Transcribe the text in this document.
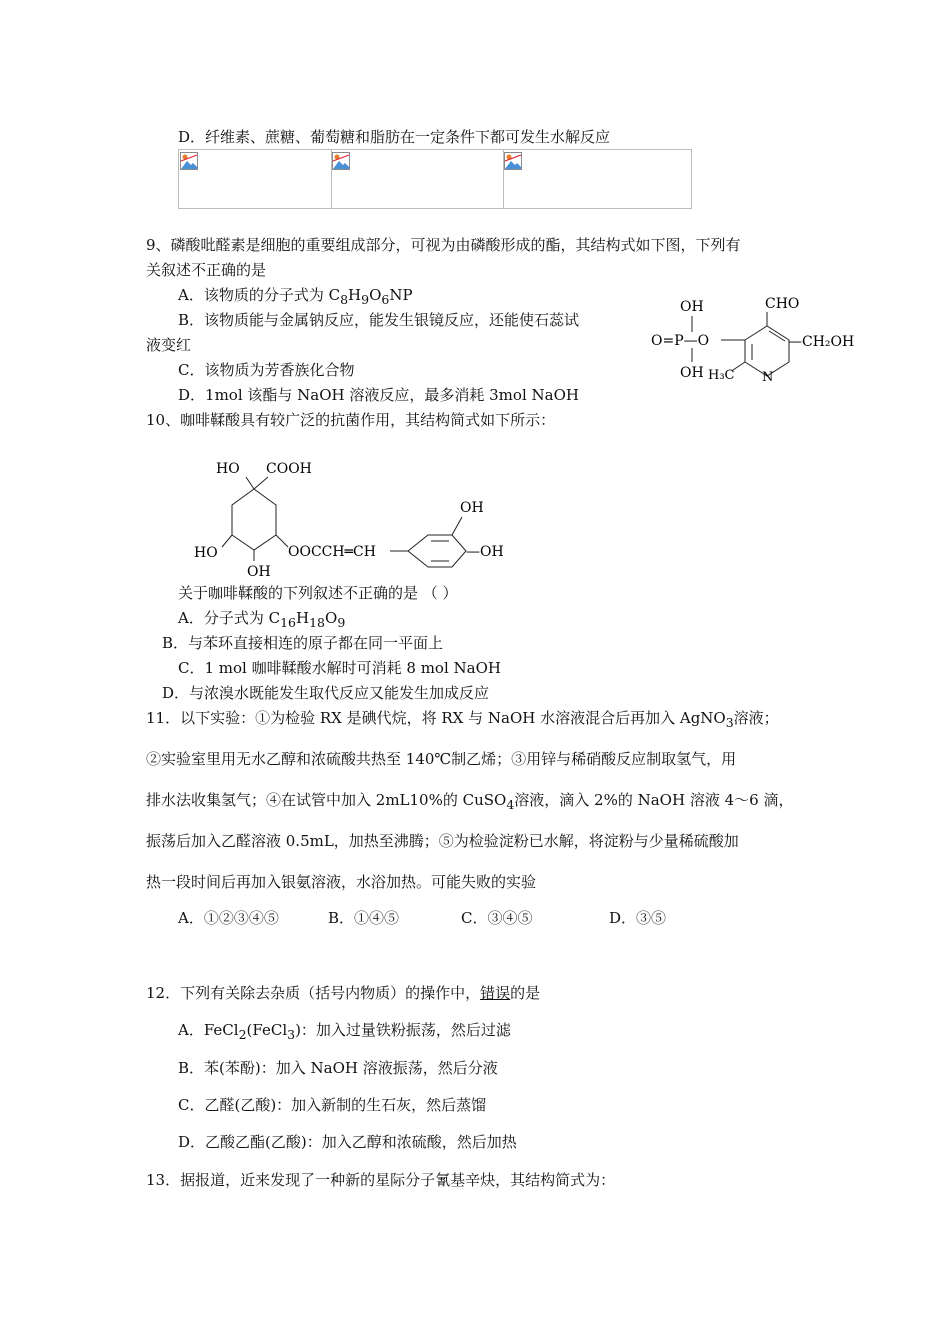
D．纤维素、蔗糖、葡萄糖和脂肪在一定条件下都可发生水解反应
9、磷酸吡醛素是细胞的重要组成部分，可视为由磷酸形成的酯，其结构式如下图，下列有
关叙述不正确的是
A．该物质的分子式为 $C_8H_9O_6NP$
B．该物质能与金属钠反应，能发生银镜反应，还能使石蕊试
液变红
C．该物质为芳香族化合物
D．1mol 该酯与 NaOH 溶液反应，最多消耗 3mol NaOH
OH
O=P—O
OH
CHO
—CH₂OH
H₃C N
10、咖啡鞣酸具有较广泛的抗菌作用，其结构简式如下所示：
HO COOH
HO
OH
OOCCH═CH
OH
—OH
关于咖啡鞣酸的下列叙述不正确的是 （ ）
A．分子式为 $C_{16}H_{18}O_9$
B．与苯环直接相连的原子都在同一平面上
C．1 mol 咖啡鞣酸水解时可消耗 8 mol NaOH
D．与浓溴水既能发生取代反应又能发生加成反应
11．以下实验：①为检验 RX 是碘代烷，将 RX 与 NaOH 水溶液混合后再加入 AgNO$_3$溶液；
②实验室里用无水乙醇和浓硫酸共热至 140℃制乙烯；③用锌与稀硝酸反应制取氢气，用
排水法收集氢气；④在试管中加入 2mL10%的 CuSO$_4$溶液，滴入 2%的 NaOH 溶液 4～6 滴，
振荡后加入乙醛溶液 0.5mL，加热至沸腾；⑤为检验淀粉已水解，将淀粉与少量稀硫酸加
热一段时间后再加入银氨溶液，水浴加热。可能失败的实验
A．①②③④⑤	B．①④⑤	C．③④⑤	D．③⑤
12．下列有关除去杂质（括号内物质）的操作中，错误的是
A．FeCl$_2$(FeCl$_3$)：加入过量铁粉振荡，然后过滤
B．苯(苯酚)：加入 NaOH 溶液振荡，然后分液
C．乙醛(乙酸)：加入新制的生石灰，然后蒸馏
D．乙酸乙酯(乙酸)：加入乙醇和浓硫酸，然后加热
13．据报道，近来发现了一种新的星际分子氰基辛炔，其结构简式为：
